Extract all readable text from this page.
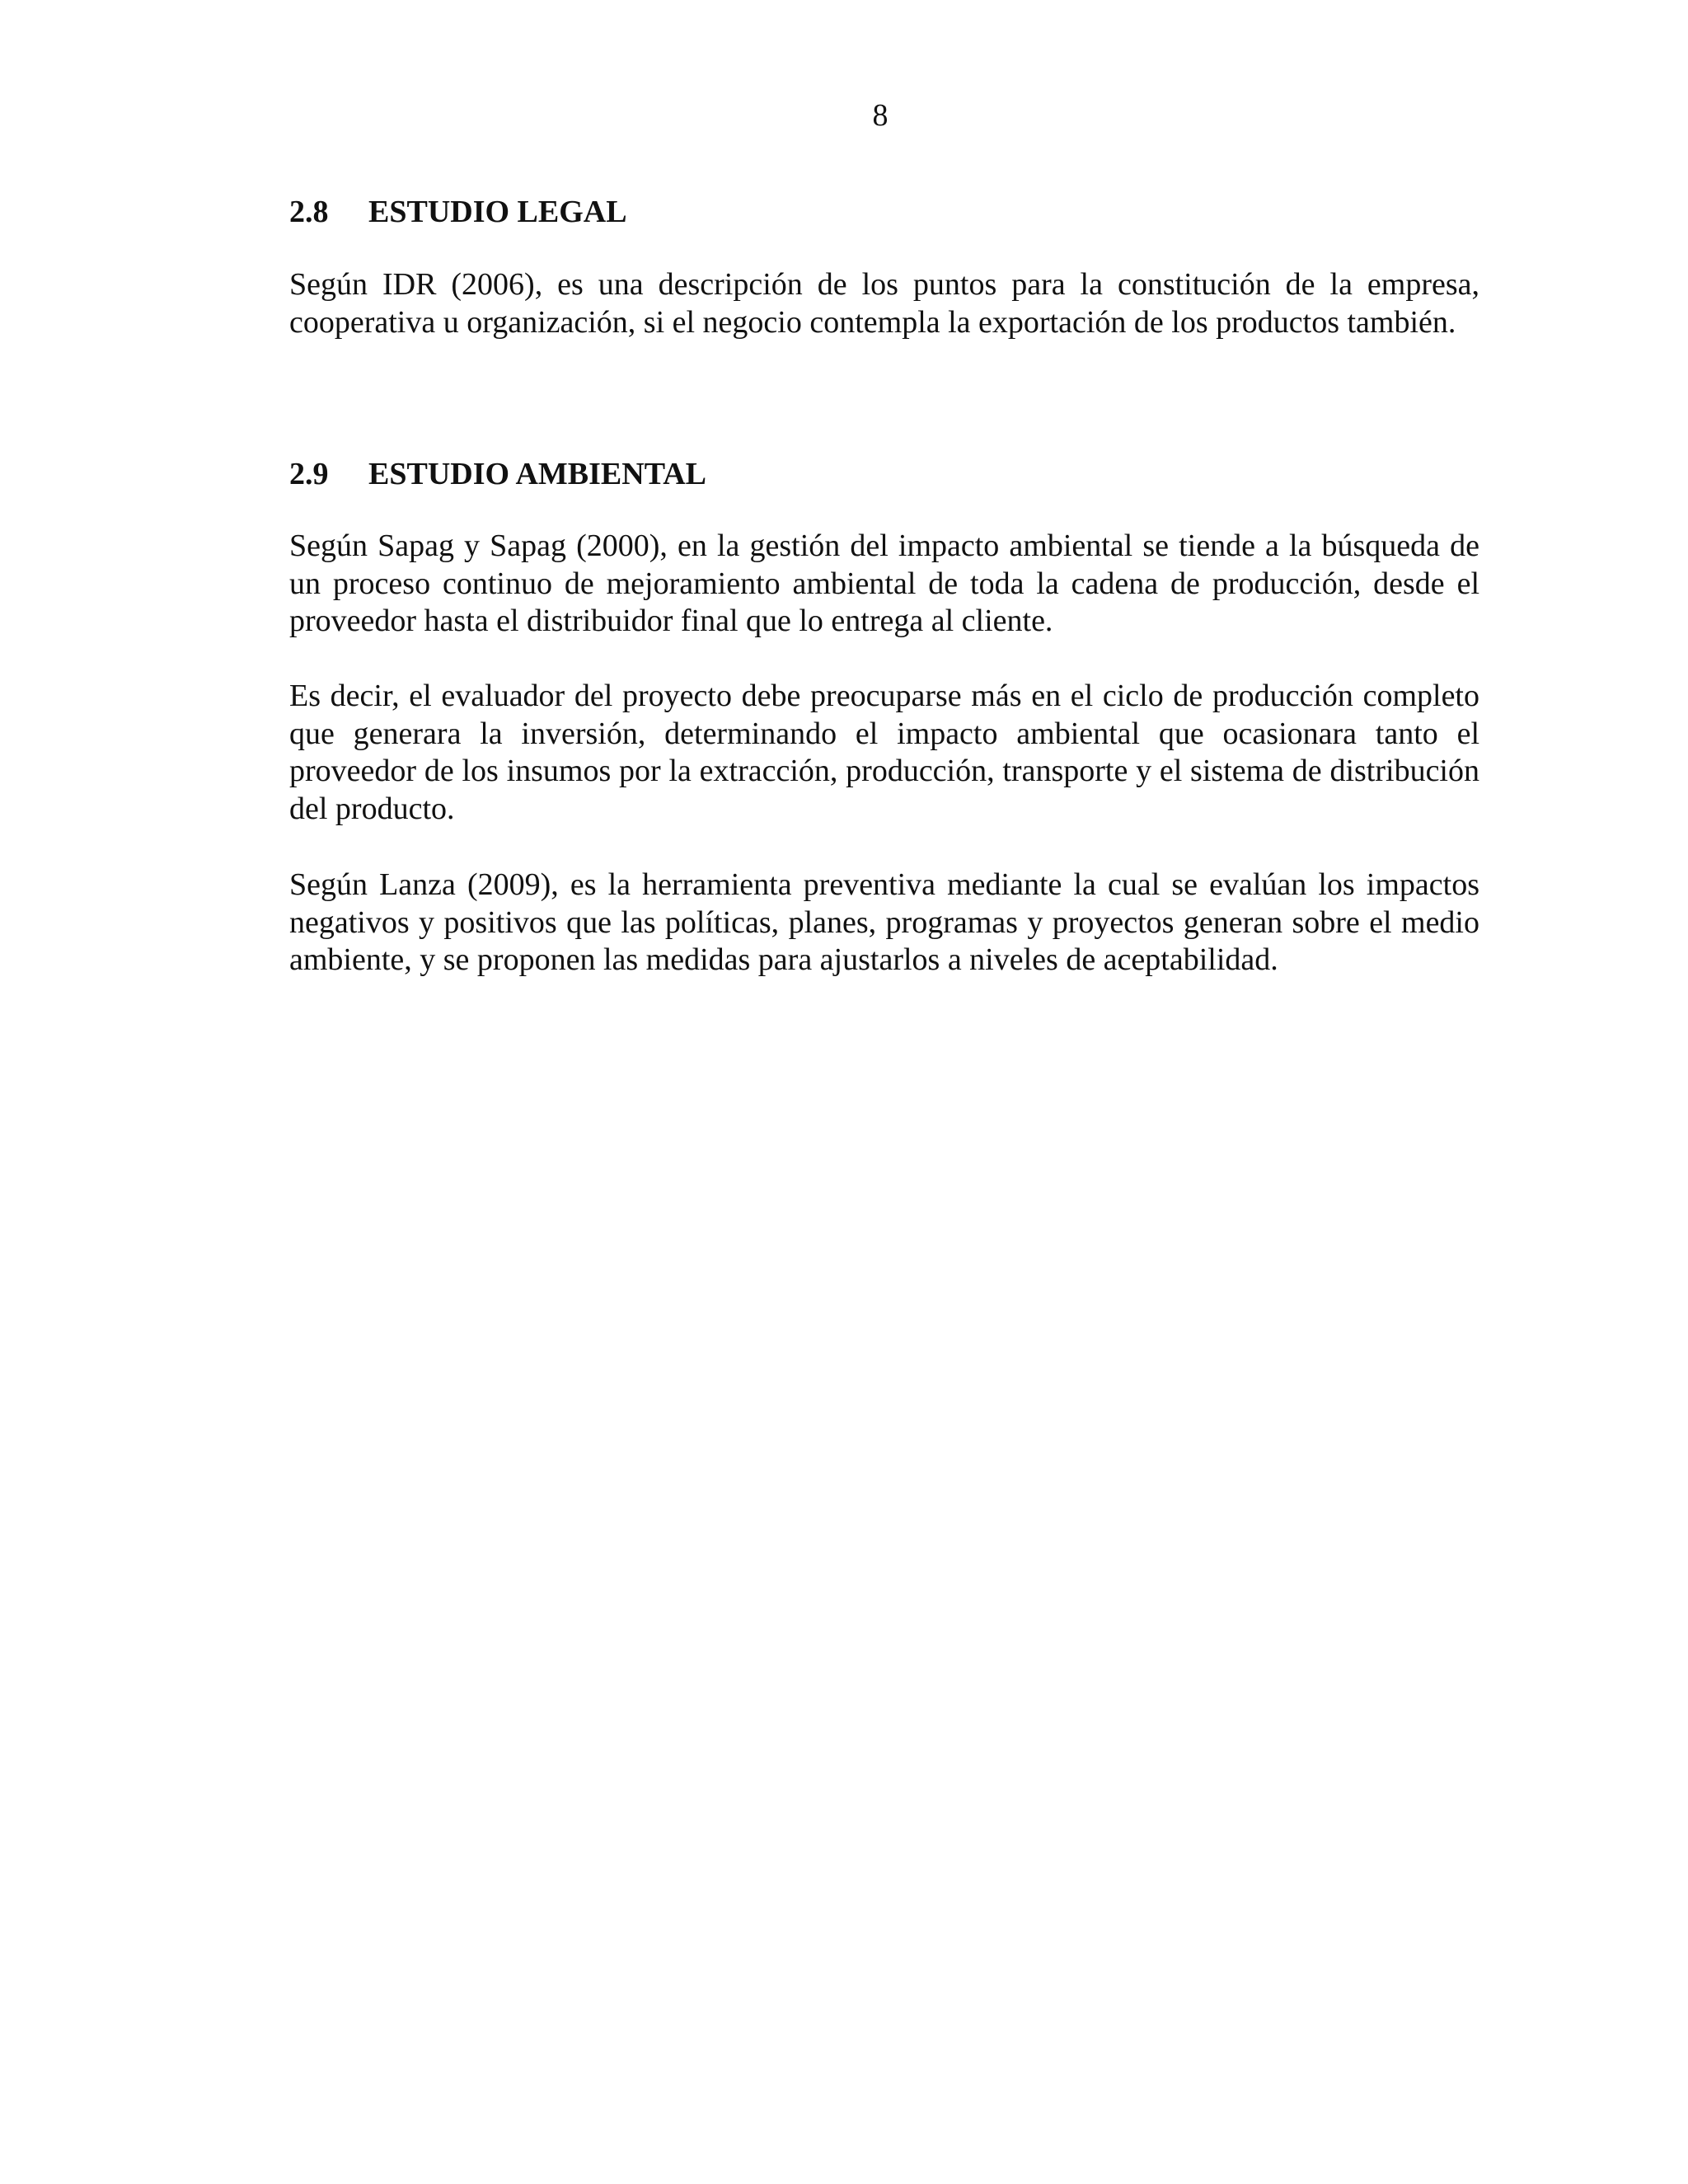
8
2.8 ESTUDIO LEGAL

Según IDR (2006), es una descripción de los puntos para la constitución de la empresa, cooperativa u organización, si el negocio contempla la exportación de los productos también.

2.9 ESTUDIO AMBIENTAL

Según Sapag y Sapag (2000), en la gestión del impacto ambiental se tiende a la búsqueda de un proceso continuo de mejoramiento ambiental de toda la cadena de producción, desde el proveedor hasta el distribuidor final que lo entrega al cliente.

Es decir, el evaluador del proyecto debe preocuparse más en el ciclo de producción completo que generara la inversión, determinando el impacto ambiental que ocasionara tanto el proveedor de los insumos por la extracción, producción, transporte y el sistema de distribución del producto.

Según Lanza (2009), es la herramienta preventiva mediante la cual se evalúan los impactos negativos y positivos que las políticas, planes, programas y proyectos generan sobre el medio ambiente, y se proponen las medidas para ajustarlos a niveles de aceptabilidad.
